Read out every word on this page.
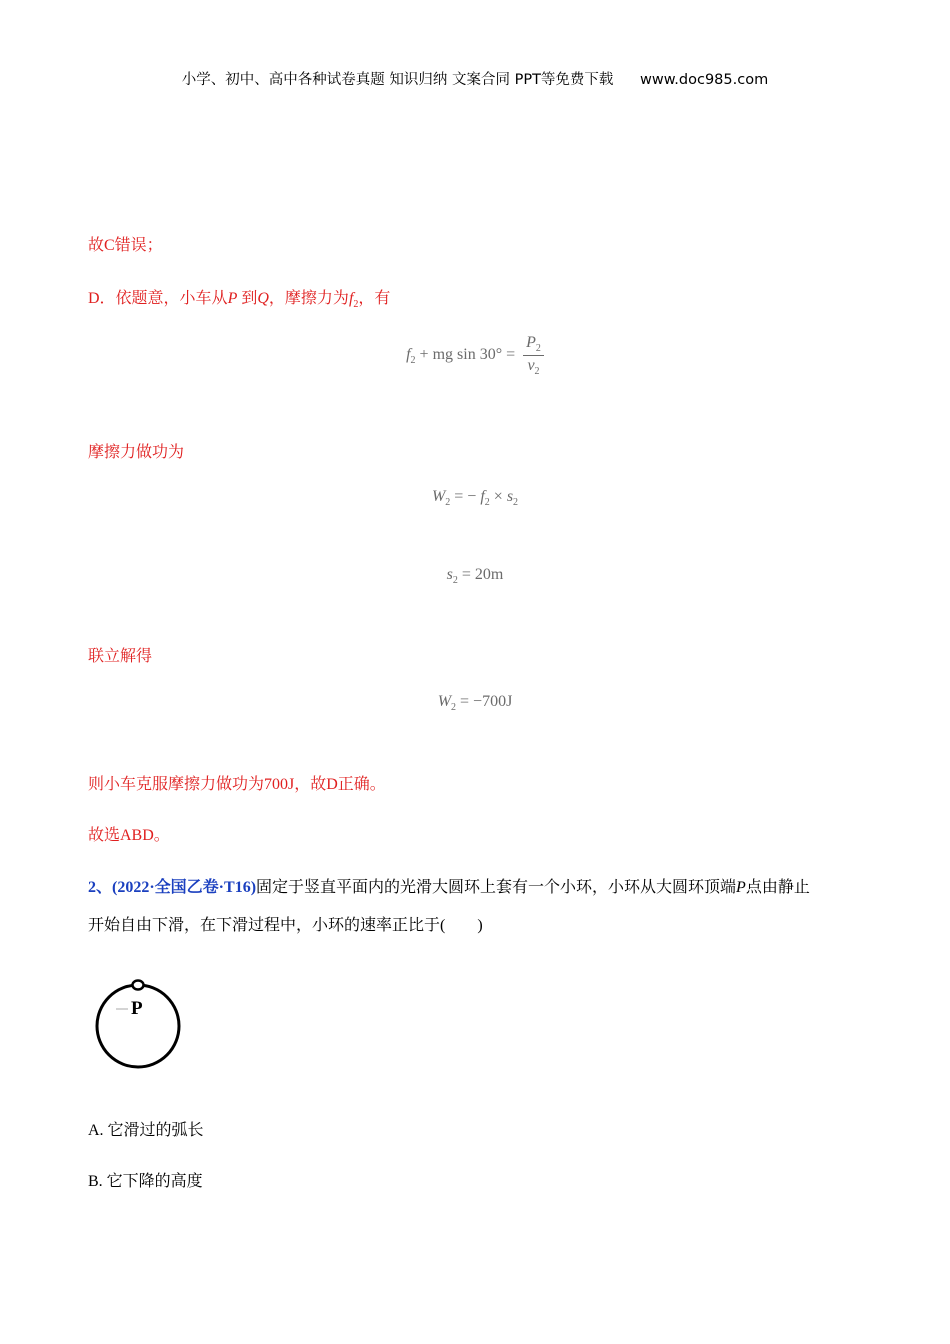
小学、初中、高中各种试卷真题 知识归纳 文案合同 PPT等免费下载 www.doc985.com
故C错误；
D．依题意，小车从P 到Q，摩擦力为$f_2$，有
$f_2$ + mg $\sin 30^\circ = \frac{P_2}{v_2}$
摩擦力做功为
$W_2$ = − $f_2 \times s_2$
$s_2 = 20m$
联立解得
$W_2 = -700J$
则小车克服摩擦力做功为700J，故D正确。
故选ABD。
2、(2022·全国乙卷·T16)固定于竖直平面内的光滑大圆环上套有一个小环，小环从大圆环顶端P点由静止
开始自由下滑，在下滑过程中，小环的速率正比于(　　)
P
A. 它滑过的弧长
B. 它下降的高度
